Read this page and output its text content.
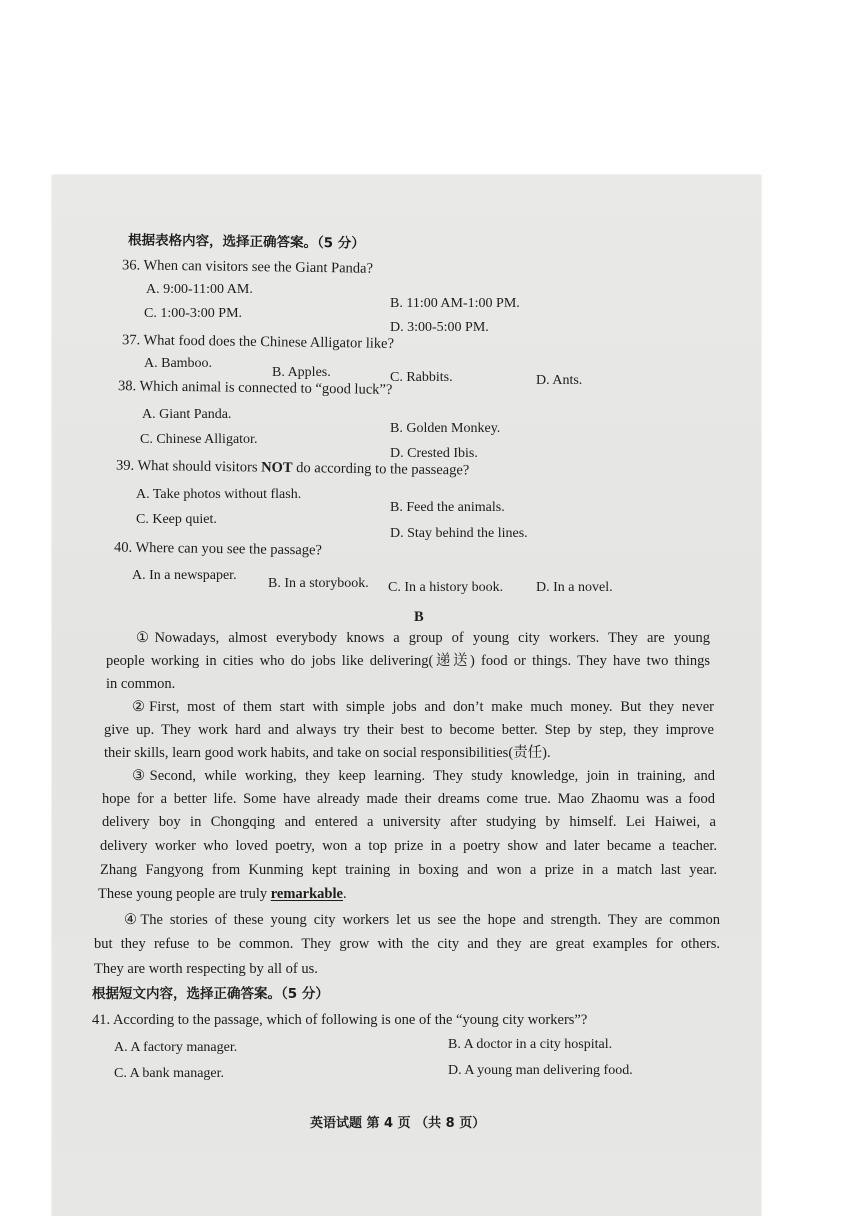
根据表格内容，选择正确答案。（5 分）
36. When can visitors see the Giant Panda?
A. 9:00-11:00 AM.
B. 11:00 AM-1:00 PM.
C. 1:00-3:00 PM.
D. 3:00-5:00 PM.
37. What food does the Chinese Alligator like?
A. Bamboo.
B. Apples.	C. Rabbits.	D. Ants.
38. Which animal is connected to “good luck”?
A. Giant Panda.
B. Golden Monkey.
C. Chinese Alligator.
D. Crested Ibis.
39. What should visitors NOT do according to the passeage?
A. Take photos without flash.
B. Feed the animals.
C. Keep quiet.
D. Stay behind the lines.
40. Where can you see the passage?
A. In a newspaper.
B. In a storybook. C. In a history book. D. In a novel.
B
①Nowadays, almost everybody knows a group of young city workers. They are young
people working in cities who do jobs like delivering(递送) food or things. They have two things
in common.
②First, most of them start with simple jobs and don’t make much money. But they never
give up. They work hard and always try their best to become better. Step by step, they improve
their skills, learn good work habits, and take on social responsibilities(责任).
③Second, while working, they keep learning. They study knowledge, join in training, and
hope for a better life. Some have already made their dreams come true. Mao Zhaomu was a food
delivery boy in Chongqing and entered a university after studying by himself. Lei Haiwei, a
delivery worker who loved poetry, won a top prize in a poetry show and later became a teacher.
Zhang Fangyong from Kunming kept training in boxing and won a prize in a match last year.
These young people are truly remarkable.
④The stories of these young city workers let us see the hope and strength. They are common
but they refuse to be common. They grow with the city and they are great examples for others.
They are worth respecting by all of us.
根据短文内容，选择正确答案。（5 分）
41. According to the passage, which of following is one of the “young city workers”?
A. A factory manager.	B. A doctor in a city hospital.
C. A bank manager.	D. A young man delivering food.
英语试题 第 4 页 （共 8 页）
